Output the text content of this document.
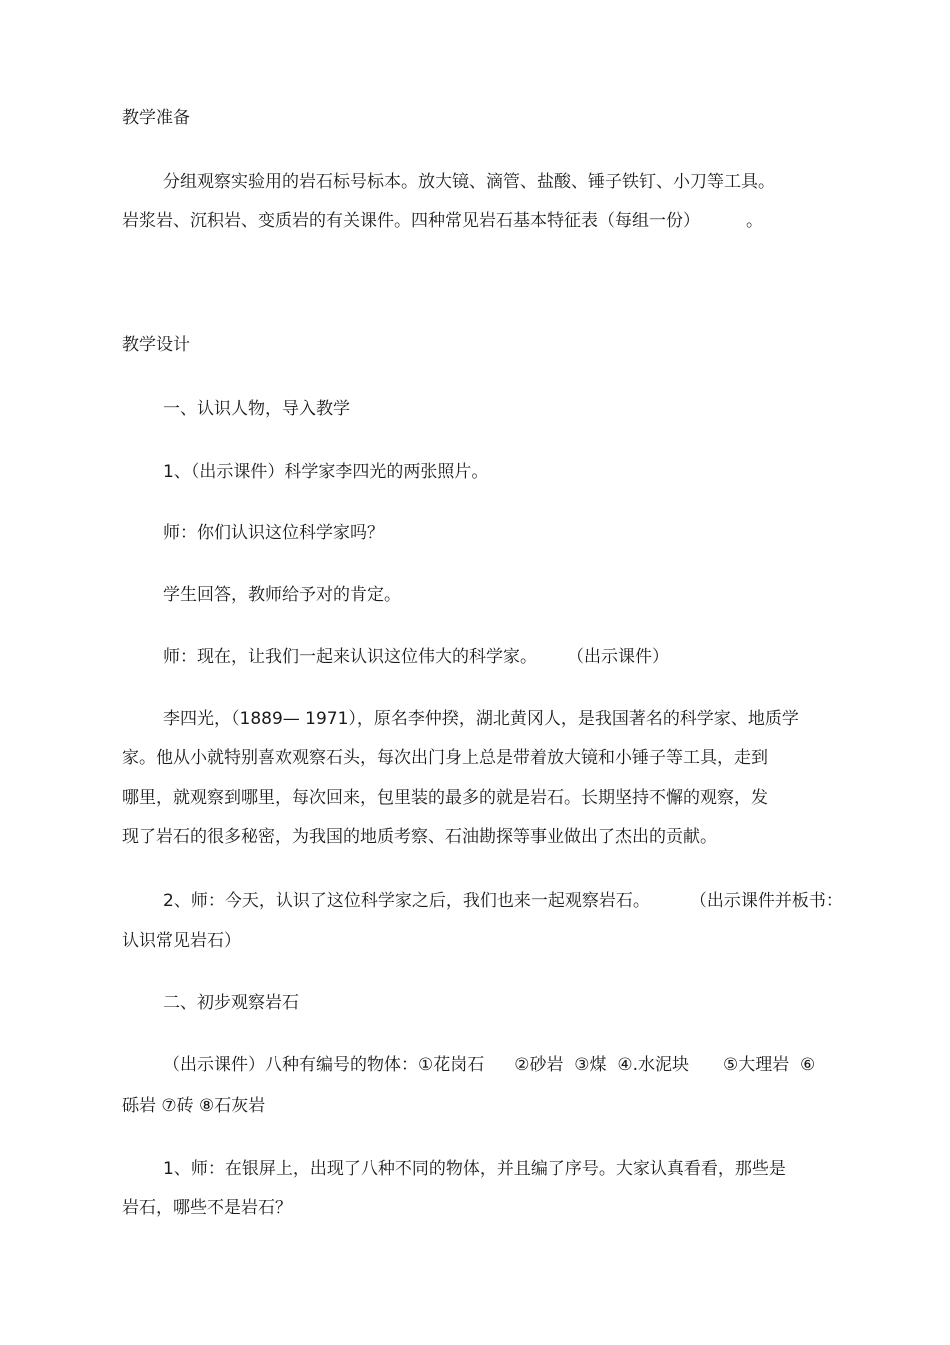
教学准备
分组观察实验用的岩石标号标本。放大镜、滴管、盐酸、锤子铁钉、小刀等工具。
岩浆岩、沉积岩、变质岩的有关课件。四种常见岩石基本特征表（每组一份）	。
教学设计
一、认识人物，导入教学
1、（出示课件）科学家李四光的两张照片。
师：你们认识这位科学家吗？
学生回答，教师给予对的肯定。
师：现在，让我们一起来认识这位伟大的科学家。 （出示课件）
李四光，（1889— 1971），原名李仲揆，湖北黄冈人，是我国著名的科学家、地质学
家。他从小就特别喜欢观察石头，每次出门身上总是带着放大镜和小锤子等工具，走到
哪里，就观察到哪里，每次回来，包里装的最多的就是岩石。长期坚持不懈的观察，发
现了岩石的很多秘密，为我国的地质考察、石油勘探等事业做出了杰出的贡献。
2、师：今天，认识了这位科学家之后，我们也来一起观察岩石。 （出示课件并板书：
认识常见岩石）
二、初步观察岩石
（出示课件）八种有编号的物体：①花岗石 ②砂岩  ③煤  ④.水泥块 ⑤大理岩  ⑥
砾岩 ⑦砖 ⑧石灰岩
1、师：在银屏上，出现了八种不同的物体，并且编了序号。大家认真看看，那些是
岩石，哪些不是岩石？
